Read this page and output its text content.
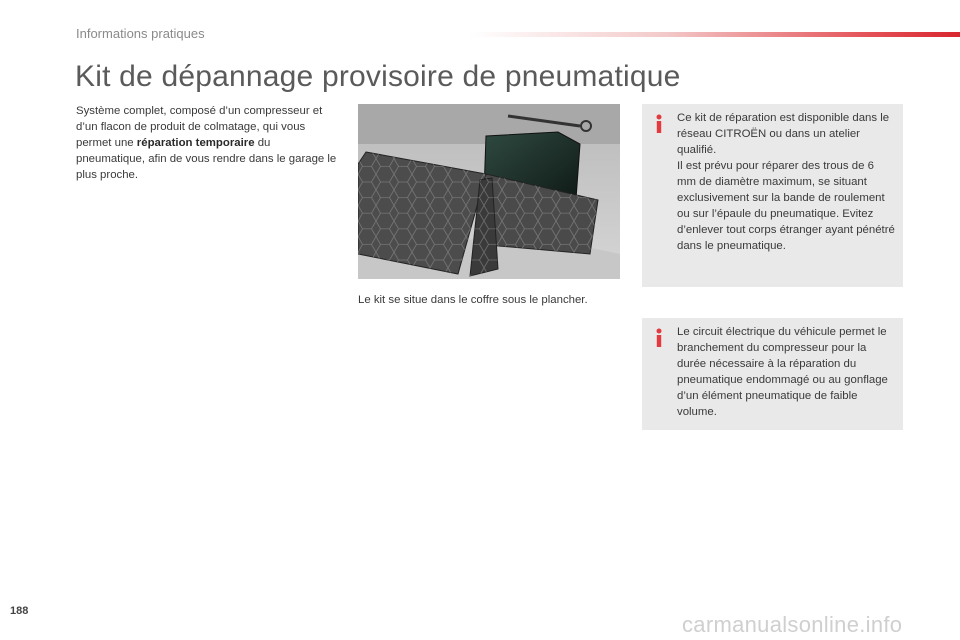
Informations pratiques
Kit de dépannage provisoire de pneumatique

Système complet, composé d’un compresseur et d’un flacon de produit de colmatage, qui vous permet une réparation temporaire du pneumatique, afin de vous rendre dans le garage le plus proche.

Le kit se situe dans le coffre sous le plancher.

Ce kit de réparation est disponible dans le réseau CITROËN ou dans un atelier qualifié.

Il est prévu pour réparer des trous de 6 mm de diamètre maximum, se situant exclusivement sur la bande de roulement ou sur l’épaule du pneumatique. Evitez d’enlever tout corps étranger ayant pénétré dans le pneumatique.

Le circuit électrique du véhicule permet le branchement du compresseur pour la durée nécessaire à la réparation du pneumatique endommagé ou au gonflage d’un élément pneumatique de faible volume.

188
carmanualsonline.info
